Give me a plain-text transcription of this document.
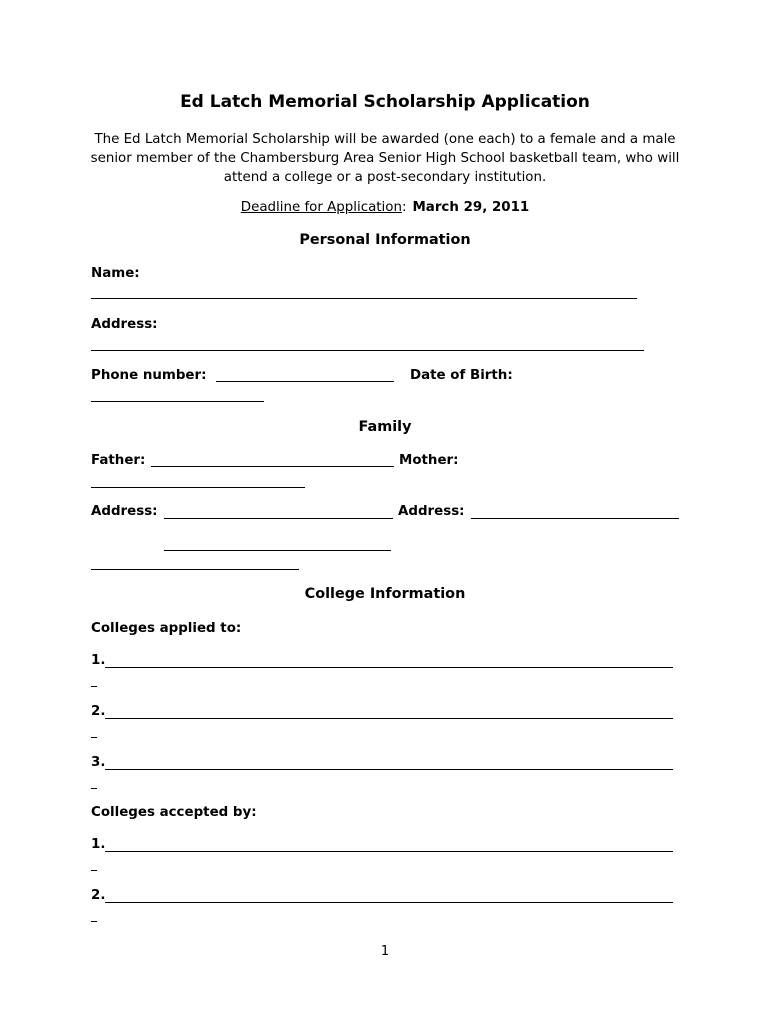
Ed Latch Memorial Scholarship Application
The Ed Latch Memorial Scholarship will be awarded (one each) to a female and a male senior member of the Chambersburg Area Senior High School basketball team, who will attend a college or a post-secondary institution.
Deadline for Application: March 29, 2011
Personal Information
Name:
Address:
Phone number:	Date of Birth:
Family
Father:	Mother:
Address:	Address:
College Information
Colleges applied to:
1.
2.
3.
Colleges accepted by:
1.
2.
1
